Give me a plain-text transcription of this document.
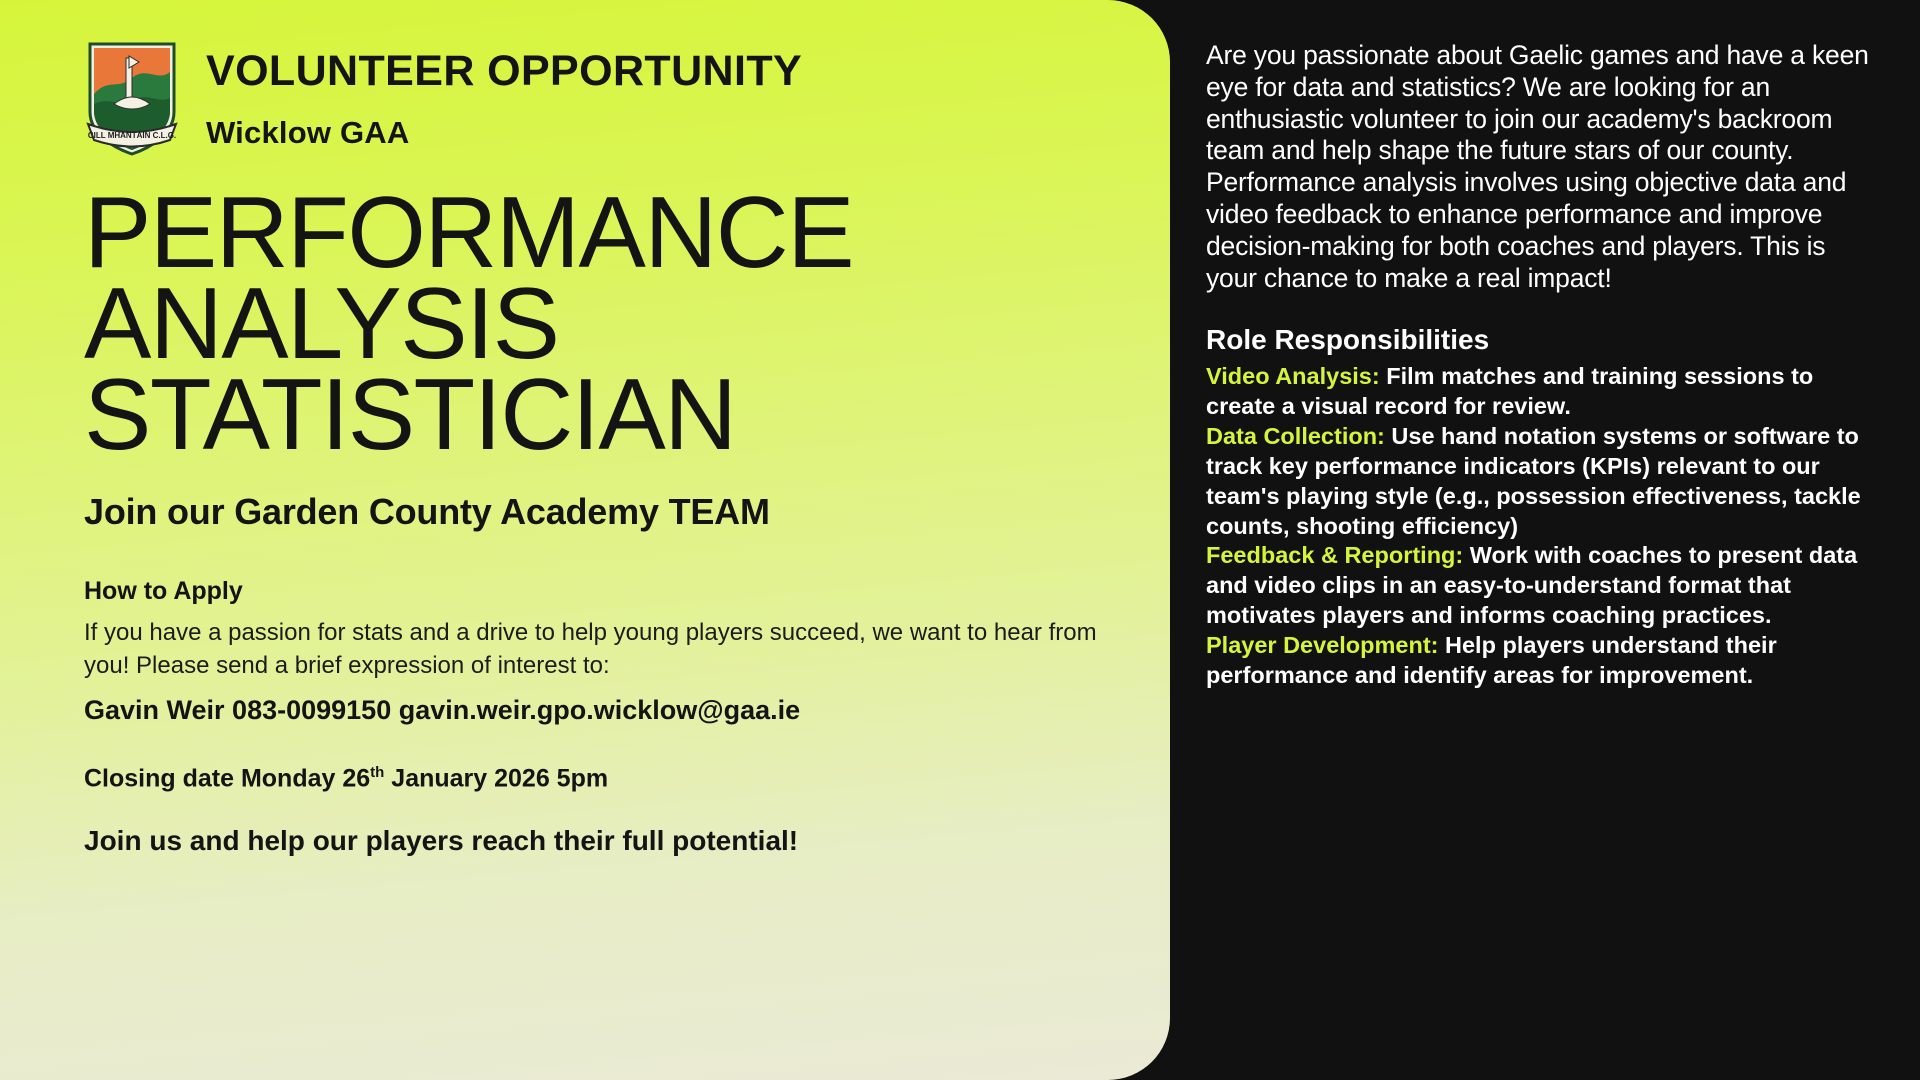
CILL MHANTÁIN C.L.G.
VOLUNTEER OPPORTUNITY
Wicklow GAA
PERFORMANCE
ANALYSIS
STATISTICIAN
Join our Garden County Academy TEAM
How to Apply
If you have a passion for stats and a drive to help young players succeed, we want to hear from you! Please send a brief expression of interest to:
Gavin Weir 083-0099150 gavin.weir.gpo.wicklow@gaa.ie
Closing date Monday 26th January 2026 5pm
Join us and help our players reach their full potential!

Are you passionate about Gaelic games and have a keen eye for data and statistics? We are looking for an enthusiastic volunteer to join our academy's backroom team and help shape the future stars of our county. Performance analysis involves using objective data and video feedback to enhance performance and improve decision-making for both coaches and players. This is your chance to make a real impact!

Role Responsibilities
Video Analysis: Film matches and training sessions to create a visual record for review.
Data Collection: Use hand notation systems or software to track key performance indicators (KPIs) relevant to our team's playing style (e.g., possession effectiveness, tackle counts, shooting efficiency)
Feedback & Reporting: Work with coaches to present data and video clips in an easy-to-understand format that motivates players and informs coaching practices.
Player Development: Help players understand their performance and identify areas for improvement.
